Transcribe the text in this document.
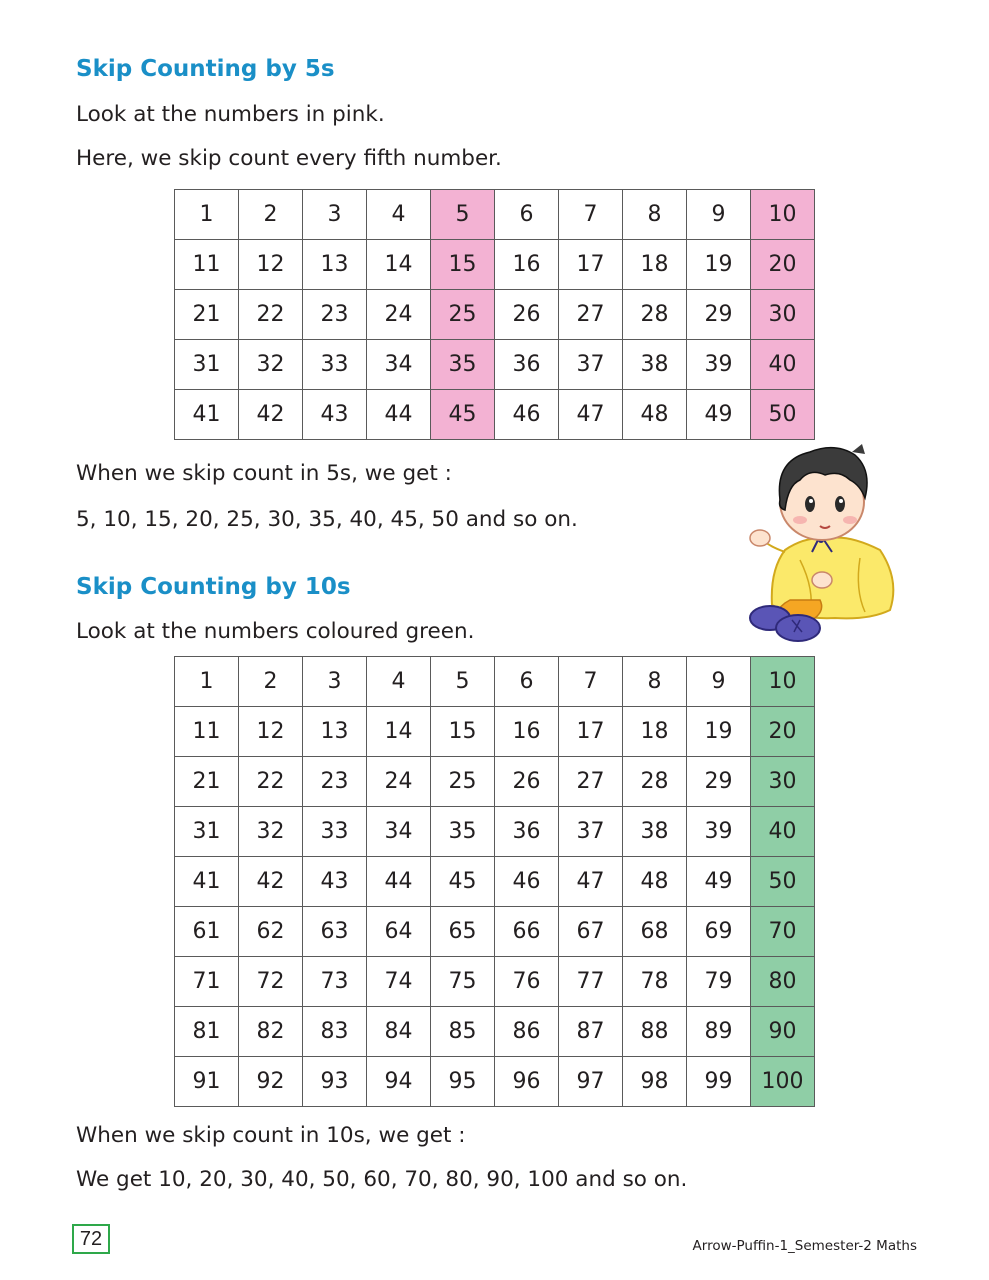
Skip Counting by 5s

Look at the numbers in pink.

Here, we skip count every fifth number.

1	2	3	4	5	6	7	8	9	10
11	12	13	14	15	16	17	18	19	20
21	22	23	24	25	26	27	28	29	30
31	32	33	34	35	36	37	38	39	40
41	42	43	44	45	46	47	48	49	50

When we skip count in 5s, we get :

5, 10, 15, 20, 25, 30, 35, 40, 45, 50 and so on.

Skip Counting by 10s

Look at the numbers coloured green.

1	2	3	4	5	6	7	8	9	10
11	12	13	14	15	16	17	18	19	20
21	22	23	24	25	26	27	28	29	30
31	32	33	34	35	36	37	38	39	40
41	42	43	44	45	46	47	48	49	50
61	62	63	64	65	66	67	68	69	70
71	72	73	74	75	76	77	78	79	80
81	82	83	84	85	86	87	88	89	90
91	92	93	94	95	96	97	98	99	100

When we skip count in 10s, we get :

We get 10, 20, 30, 40, 50, 60, 70, 80, 90, 100 and so on.

72	Arrow-Puffin-1_Semester-2 Maths
